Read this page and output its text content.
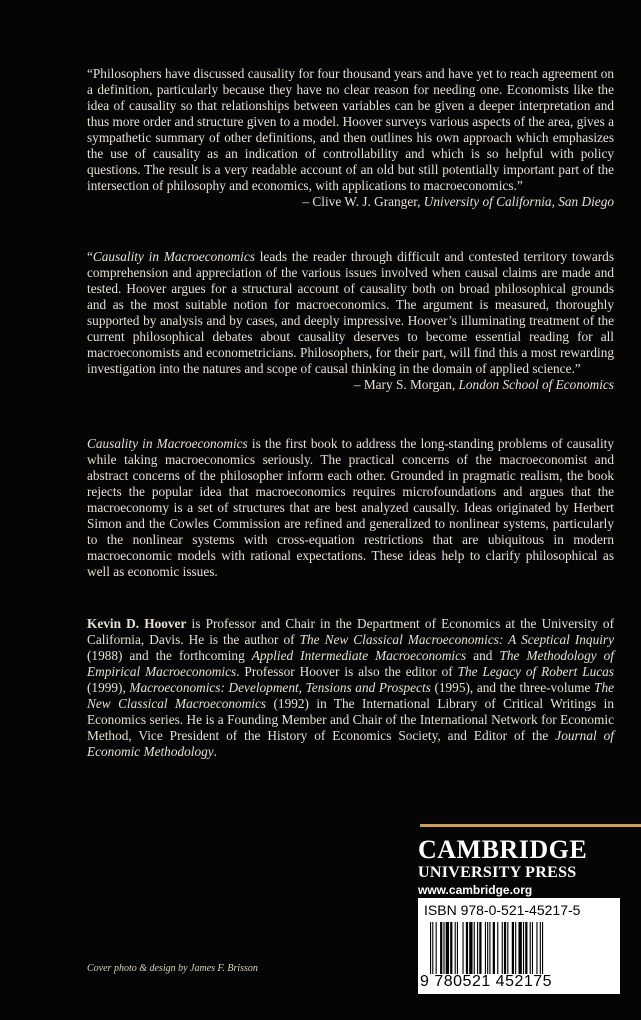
“Philosophers have discussed causality for four thousand years and have yet to reach agreement on a definition, particularly because they have no clear reason for needing one. Economists like the idea of causality so that relationships between variables can be given a deeper interpretation and thus more order and structure given to a model. Hoover surveys various aspects of the area, gives a sympathetic summary of other definitions, and then outlines his own approach which emphasizes the use of causality as an indication of controllability and which is so helpful with policy questions. The result is a very readable account of an old but still potentially important part of the intersection of philosophy and economics, with applications to macroeconomics.”

– Clive W. J. Granger, University of California, San Diego

“Causality in Macroeconomics leads the reader through difficult and contested territory towards comprehension and appreciation of the various issues involved when causal claims are made and tested. Hoover argues for a structural account of causality both on broad philosophical grounds and as the most suitable notion for macroeconomics. The argument is measured, thoroughly supported by analysis and by cases, and deeply impressive. Hoover’s illuminating treatment of the current philosophical debates about causality deserves to become essential reading for all macroeconomists and econometricians. Philosophers, for their part, will find this a most rewarding investigation into the natures and scope of causal thinking in the domain of applied science.”

– Mary S. Morgan, London School of Economics

Causality in Macroeconomics is the first book to address the long-standing problems of causality while taking macroeconomics seriously. The practical concerns of the macroeconomist and abstract concerns of the philosopher inform each other. Grounded in pragmatic realism, the book rejects the popular idea that macroeconomics requires microfoundations and argues that the macroeconomy is a set of structures that are best analyzed causally. Ideas originated by Herbert Simon and the Cowles Commission are refined and generalized to nonlinear systems, particularly to the nonlinear systems with cross-equation restrictions that are ubiquitous in modern macroeconomic models with rational expectations. These ideas help to clarify philosophical as well as economic issues.

Kevin D. Hoover is Professor and Chair in the Department of Economics at the University of California, Davis. He is the author of The New Classical Macroeconomics: A Sceptical Inquiry (1988) and the forthcoming Applied Intermediate Macroeconomics and The Methodology of Empirical Macroeconomics. Professor Hoover is also the editor of The Legacy of Robert Lucas (1999), Macroeconomics: Development, Tensions and Prospects (1995), and the three-volume The New Classical Macroeconomics (1992) in The International Library of Critical Writings in Economics series. He is a Founding Member and Chair of the International Network for Economic Method, Vice President of the History of Economics Society, and Editor of the Journal of Economic Methodology.

CAMBRIDGE
UNIVERSITY PRESS
www.cambridge.org
ISBN 978-0-521-45217-5
9 780521 452175
Cover photo & design by James F. Brisson
